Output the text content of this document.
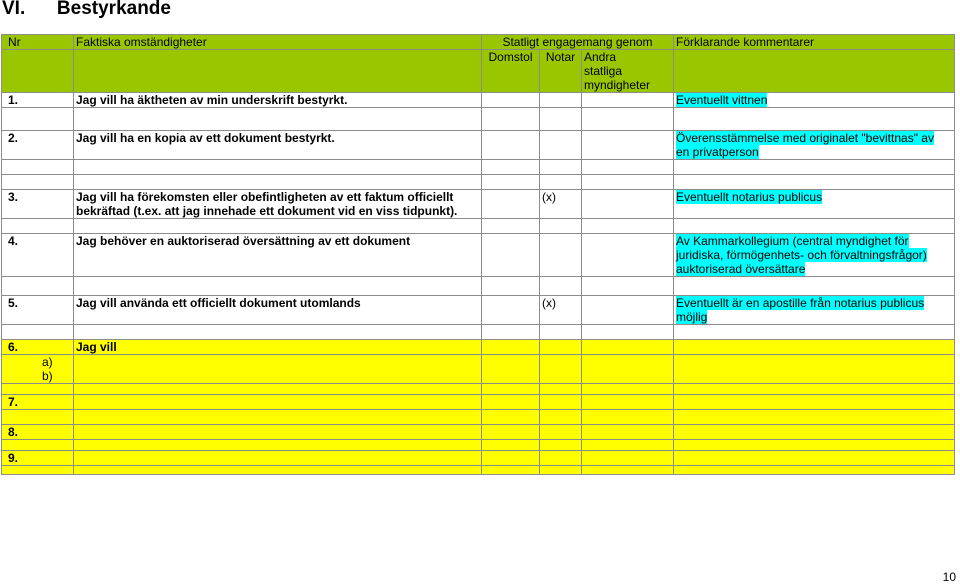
VI. Bestyrkande
Nr	Faktiska omständigheter	Statligt engagemang genom			Förklarande kommentarer
		Domstol	Notar	Andra
statliga
myndigheter	
1.	Jag vill ha äktheten av min underskrift bestyrkt.				Eventuellt vittnen

2.	Jag vill ha en kopia av ett dokument bestyrkt.				Överensstämmelse med originalet "bevittnas" av
en privatperson

3.	Jag vill ha förekomsten eller obefintligheten av ett faktum officiellt
bekräftad (t.ex. att jag innehade ett dokument vid en viss tidpunkt).		(x)		Eventuellt notarius publicus

4.	Jag behöver en auktoriserad översättning av ett dokument				Av Kammarkollegium (central myndighet för
juridiska, förmögenhets- och förvaltningsfrågor)
auktoriserad översättare

5.	Jag vill använda ett officiellt dokument utomlands		(x)		Eventuellt är en apostille från notarius publicus
möjlig

6.	Jag vill				
a)
b)					

7.					

8.					

9.					

10
